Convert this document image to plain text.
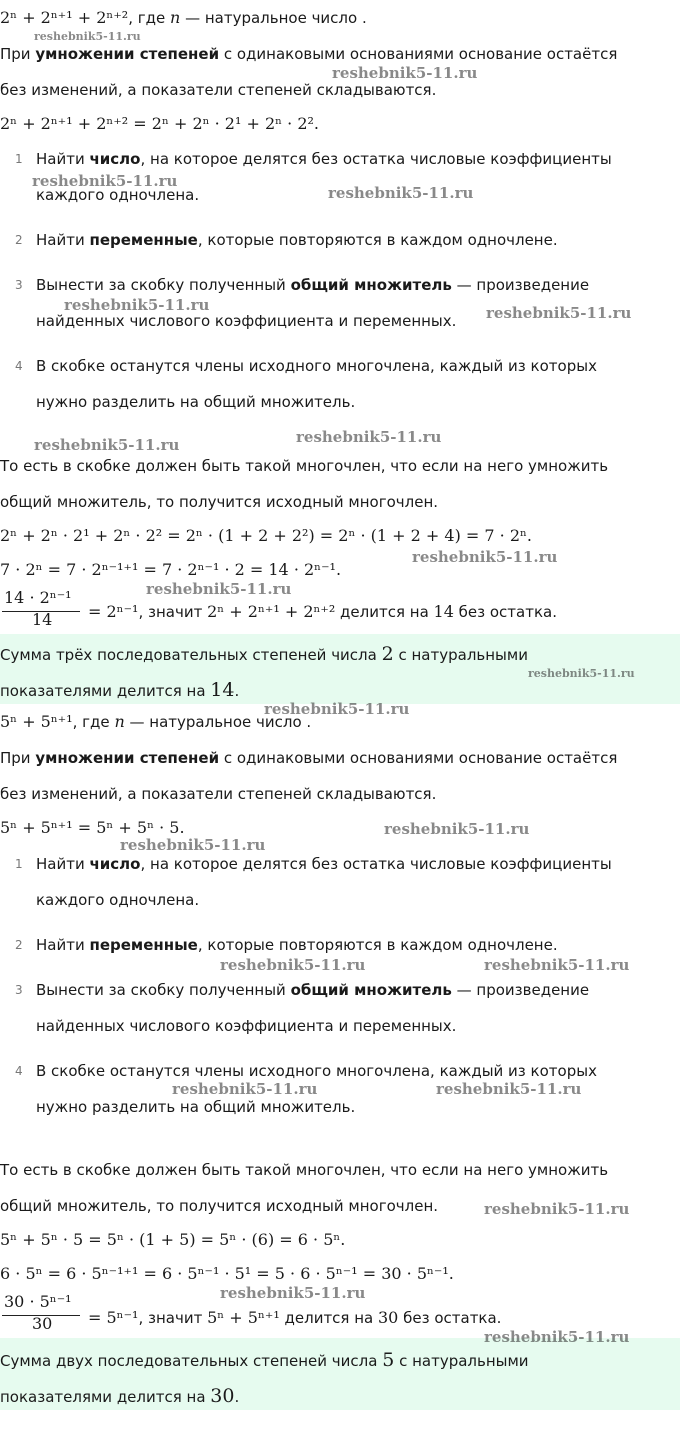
2ⁿ + 2ⁿ⁺¹ + 2ⁿ⁺², где n — натуральное число .
При умножении степеней с одинаковыми основаниями основание остаётся
без изменений, а показатели степеней складываются.
2ⁿ + 2ⁿ⁺¹ + 2ⁿ⁺² = 2ⁿ + 2ⁿ · 2¹ + 2ⁿ · 2².
1 Найти число, на которое делятся без остатка числовые коэффициенты
каждого одночлена.
2 Найти переменные, которые повторяются в каждом одночлене.
3 Вынести за скобку полученный общий множитель — произведение
найденных числового коэффициента и переменных.
4 В скобке останутся члены исходного многочлена, каждый из которых
нужно разделить на общий множитель.
То есть в скобке должен быть такой многочлен, что если на него умножить
общий множитель, то получится исходный многочлен.
2ⁿ + 2ⁿ · 2¹ + 2ⁿ · 2² = 2ⁿ · (1 + 2 + 2²) = 2ⁿ · (1 + 2 + 4) = 7 · 2ⁿ.
7 · 2ⁿ = 7 · 2ⁿ⁻¹⁺¹ = 7 · 2ⁿ⁻¹ · 2 = 14 · 2ⁿ⁻¹.
14 · 2ⁿ⁻¹
14 = 2ⁿ⁻¹, значит 2ⁿ + 2ⁿ⁺¹ + 2ⁿ⁺² делится на 14 без остатка.
Сумма трёх последовательных степеней числа 2 с натуральными
показателями делится на 14.
5ⁿ + 5ⁿ⁺¹, где n — натуральное число .
При умножении степеней с одинаковыми основаниями основание остаётся
без изменений, а показатели степеней складываются.
5ⁿ + 5ⁿ⁺¹ = 5ⁿ + 5ⁿ · 5.
1 Найти число, на которое делятся без остатка числовые коэффициенты
каждого одночлена.
2 Найти переменные, которые повторяются в каждом одночлене.
3 Вынести за скобку полученный общий множитель — произведение
найденных числового коэффициента и переменных.
4 В скобке останутся члены исходного многочлена, каждый из которых
нужно разделить на общий множитель.
То есть в скобке должен быть такой многочлен, что если на него умножить
общий множитель, то получится исходный многочлен.
5ⁿ + 5ⁿ · 5 = 5ⁿ · (1 + 5) = 5ⁿ · (6) = 6 · 5ⁿ.
6 · 5ⁿ = 6 · 5ⁿ⁻¹⁺¹ = 6 · 5ⁿ⁻¹ · 5¹ = 5 · 6 · 5ⁿ⁻¹ = 30 · 5ⁿ⁻¹.
30 · 5ⁿ⁻¹
30 = 5ⁿ⁻¹, значит 5ⁿ + 5ⁿ⁺¹ делится на 30 без остатка.
Сумма двух последовательных степеней числа 5 с натуральными
показателями делится на 30.
reshebnik5-11.ru
reshebnik5-11.ru
reshebnik5-11.ru
reshebnik5-11.ru
reshebnik5-11.ru	reshebnik5-11.ru
reshebnik5-11.ru	reshebnik5-11.ru
reshebnik5-11.ru
reshebnik5-11.ru
reshebnik5-11.ru
reshebnik5-11.ru
reshebnik5-11.ru
reshebnik5-11.ru
reshebnik5-11.ru	reshebnik5-11.ru
reshebnik5-11.ru	reshebnik5-11.ru
reshebnik5-11.ru
reshebnik5-11.ru
reshebnik5-11.ru
